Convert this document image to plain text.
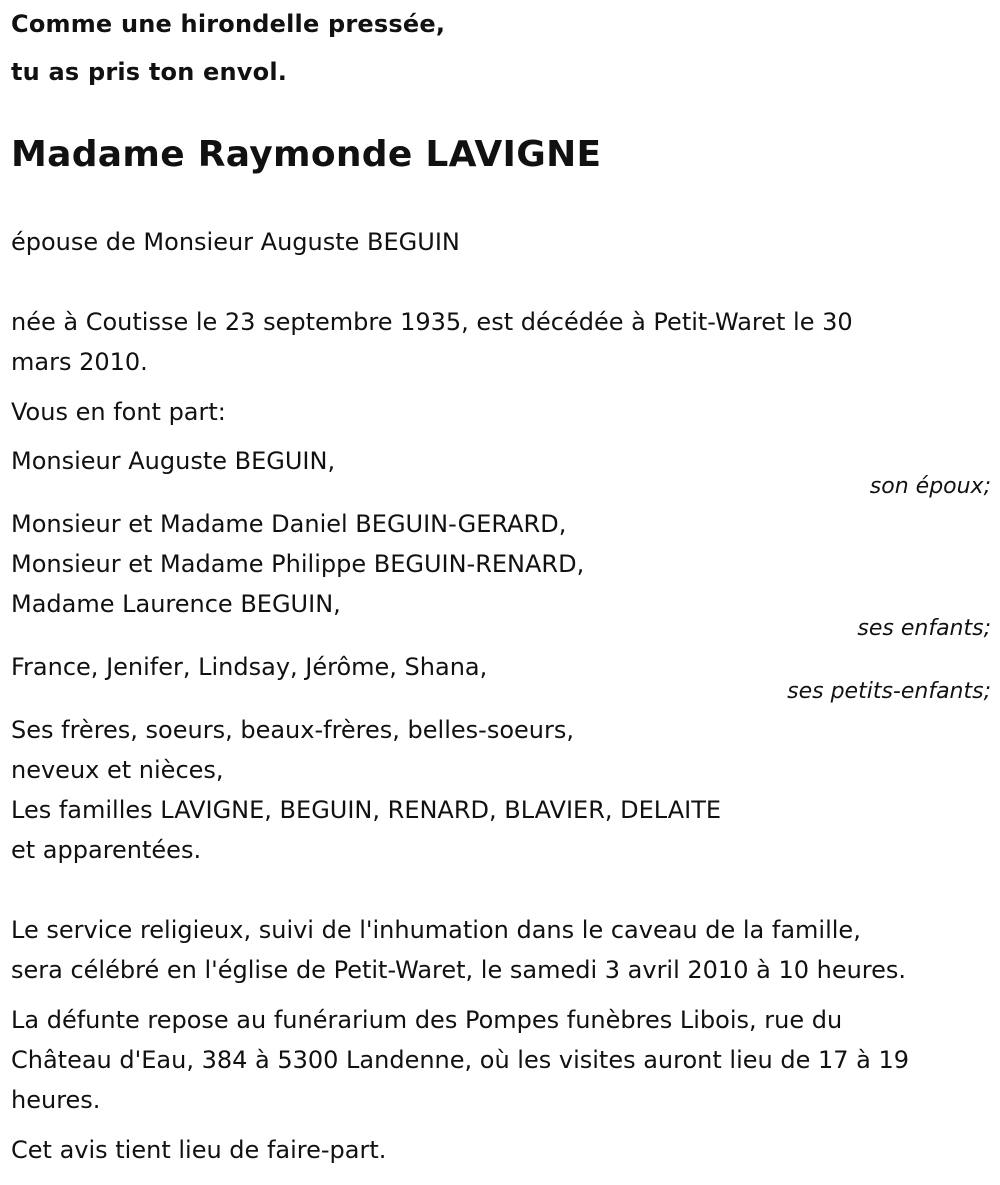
Comme une hirondelle pressée,
tu as pris ton envol.
Madame Raymonde LAVIGNE
épouse de Monsieur Auguste BEGUIN
née à Coutisse le 23 septembre 1935, est décédée à Petit-Waret le 30
mars 2010.
Vous en font part:
Monsieur Auguste BEGUIN,
son époux;
Monsieur et Madame Daniel BEGUIN-GERARD,
Monsieur et Madame Philippe BEGUIN-RENARD,
Madame Laurence BEGUIN,
ses enfants;
France, Jenifer, Lindsay, Jérôme, Shana,
ses petits-enfants;
Ses frères, soeurs, beaux-frères, belles-soeurs,
neveux et nièces,
Les familles LAVIGNE, BEGUIN, RENARD, BLAVIER, DELAITE
et apparentées.
Le service religieux, suivi de l'inhumation dans le caveau de la famille,
sera célébré en l'église de Petit-Waret, le samedi 3 avril 2010 à 10 heures.
La défunte repose au funérarium des Pompes funèbres Libois, rue du
Château d'Eau, 384 à 5300 Landenne, où les visites auront lieu de 17 à 19
heures.
Cet avis tient lieu de faire-part.
